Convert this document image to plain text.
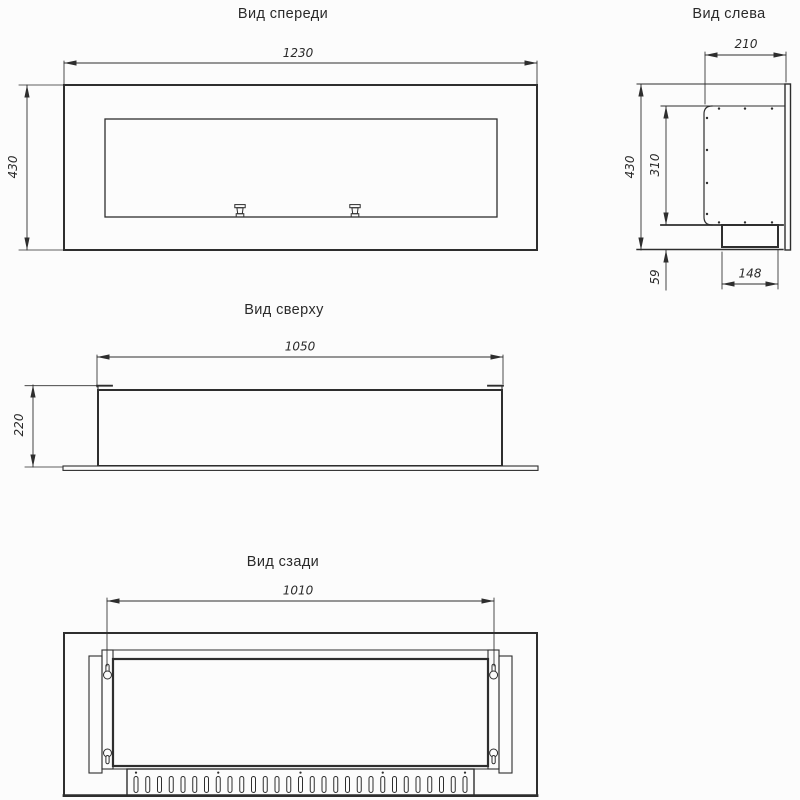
Вид спереди
1230
430
Вид слева
210
430 310
59	148
Вид сверху
1050
220
Вид сзади
1010
